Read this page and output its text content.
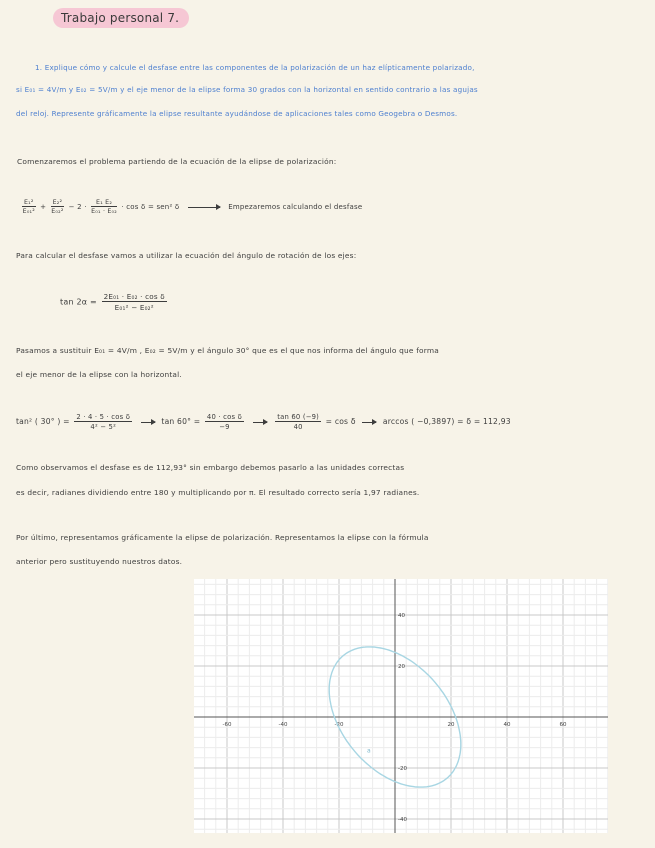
Trabajo personal 7.
1. Explique cómo y calcule el desfase entre las componentes de la polarización de un haz elípticamente polarizado,
si E₀₁ = 4V/m y E₀₂ = 5V/m y el eje menor de la elipse forma 30 grados con la horizontal en sentido contrario a las agujas
del reloj. Represente gráficamente la elipse resultante ayudándose de aplicaciones tales como Geogebra o Desmos.
Comenzaremos el problema partiendo de la ecuación de la elipse de polarización:
$\frac{\text{E₁²}}{\text{E₀₁²}} + \frac{\text{E₂²}}{\text{E₀₂²}} - 2 \cdot \frac{\text{E₁ E₂}}{\text{E₀₁ · E₀₂}} \cdot \cos \delta = sen^2$ δ	Empezaremos calculando el desfase
Para calcular el desfase vamos a utilizar la ecuación del ángulo de rotación de los ejes:
$\tan 2\alpha = \frac{\text{2E₀₁ · E₀₂ · cos δ}}{\text{E₀₁² − E₀₂²}}$
Pasamos a sustituir E₀₁ = 4V/m , E₀₂ = 5V/m y el ángulo 30° que es el que nos informa del ángulo que forma
el eje menor de la elipse con la horizontal.
tan² ( 30° ) = $\frac{\text{2 · 4 · 5 · cos δ}}{\text{4² − 5²}}$	$\tan 60^\circ = \frac{\text{40 · cos δ}}{-9}$
	$\frac{\tan 60 (-9)}{40} = \cos \delta$	arccos ( −0,3897) = δ = 112,93
Como observamos el desfase es de 112,93° sin embargo debemos pasarlo a las unidades correctas
es decir, radianes dividiendo entre 180 y multiplicando por π. El resultado correcto sería 1,97 radianes.
Por último, representamos gráficamente la elipse de polarización. Representamos la elipse con la fórmula
anterior pero sustituyendo nuestros datos.
-60	-40	-20	20	40	60
40
20
-20
-40
a
